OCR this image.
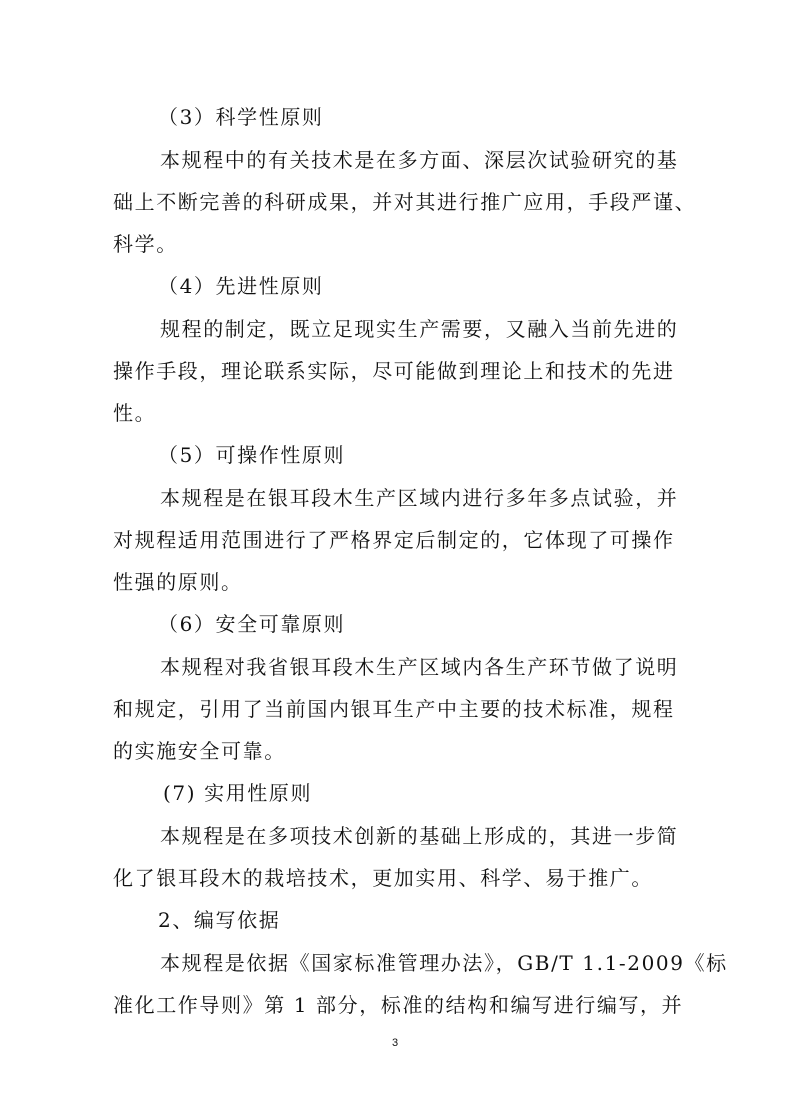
（3）科学性原则
本规程中的有关技术是在多方面、深层次试验研究的基
础上不断完善的科研成果，并对其进行推广应用，手段严谨、
科学。
（4）先进性原则
规程的制定，既立足现实生产需要，又融入当前先进的
操作手段，理论联系实际，尽可能做到理论上和技术的先进
性。
（5）可操作性原则
本规程是在银耳段木生产区域内进行多年多点试验，并
对规程适用范围进行了严格界定后制定的，它体现了可操作
性强的原则。
（6）安全可靠原则
本规程对我省银耳段木生产区域内各生产环节做了说明
和规定，引用了当前国内银耳生产中主要的技术标准，规程
的实施安全可靠。
(7) 实用性原则
本规程是在多项技术创新的基础上形成的，其进一步简
化了银耳段木的栽培技术，更加实用、科学、易于推广。
2、编写依据
本规程是依据《国家标准管理办法》，GB/T 1.1-2009《标
准化工作导则》第 1 部分，标准的结构和编写进行编写，并
3
